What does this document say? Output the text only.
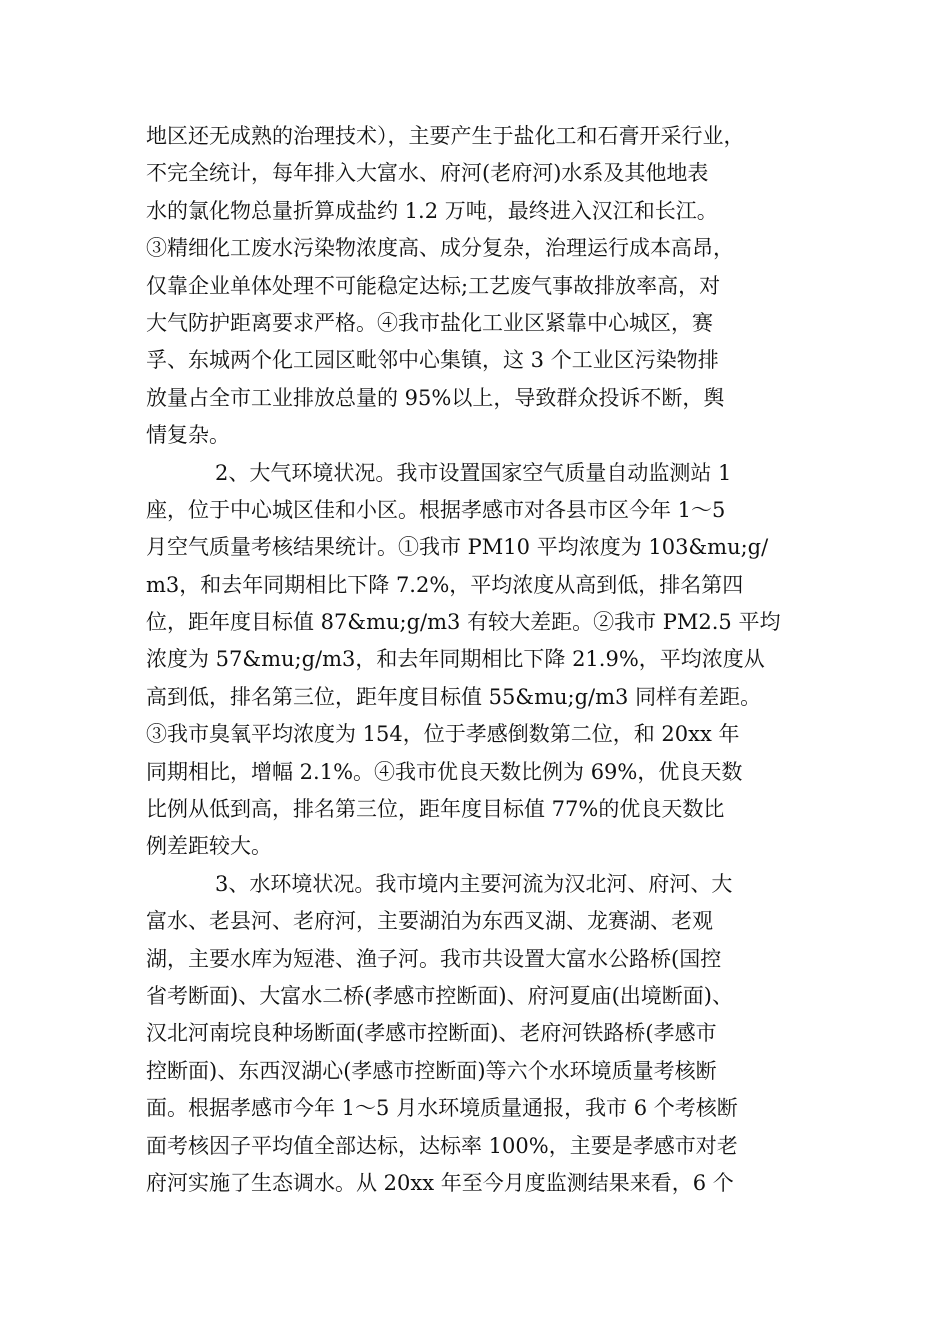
地区还无成熟的治理技术），主要产生于盐化工和石膏开采行业，
不完全统计，每年排入大富水、府河(老府河)水系及其他地表
水的氯化物总量折算成盐约 1.2 万吨，最终进入汉江和长江。
③精细化工废水污染物浓度高、成分复杂，治理运行成本高昂，
仅靠企业单体处理不可能稳定达标;工艺废气事故排放率高，对
大气防护距离要求严格。④我市盐化工业区紧靠中心城区，赛
孚、东城两个化工园区毗邻中心集镇，这 3 个工业区污染物排
放量占全市工业排放总量的 95%以上，导致群众投诉不断，舆
情复杂。
2、大气环境状况。我市设置国家空气质量自动监测站 1
座，位于中心城区佳和小区。根据孝感市对各县市区今年 1～5
月空气质量考核结果统计。①我市 PM10 平均浓度为 103&mu;g/
m3，和去年同期相比下降 7.2%，平均浓度从高到低，排名第四
位，距年度目标值 87&mu;g/m3 有较大差距。②我市 PM2.5 平均
浓度为 57&mu;g/m3，和去年同期相比下降 21.9%，平均浓度从
高到低，排名第三位，距年度目标值 55&mu;g/m3 同样有差距。
③我市臭氧平均浓度为 154，位于孝感倒数第二位，和 20xx 年
同期相比，增幅 2.1%。④我市优良天数比例为 69%，优良天数
比例从低到高，排名第三位，距年度目标值 77%的优良天数比
例差距较大。
3、水环境状况。我市境内主要河流为汉北河、府河、大
富水、老县河、老府河，主要湖泊为东西叉湖、龙赛湖、老观
湖，主要水库为短港、渔子河。我市共设置大富水公路桥(国控
省考断面)、大富水二桥(孝感市控断面)、府河夏庙(出境断面)、
汉北河南垸良种场断面(孝感市控断面)、老府河铁路桥(孝感市
控断面)、东西汊湖心(孝感市控断面)等六个水环境质量考核断
面。根据孝感市今年 1～5 月水环境质量通报，我市 6 个考核断
面考核因子平均值全部达标，达标率 100%，主要是孝感市对老
府河实施了生态调水。从 20xx 年至今月度监测结果来看，6 个
